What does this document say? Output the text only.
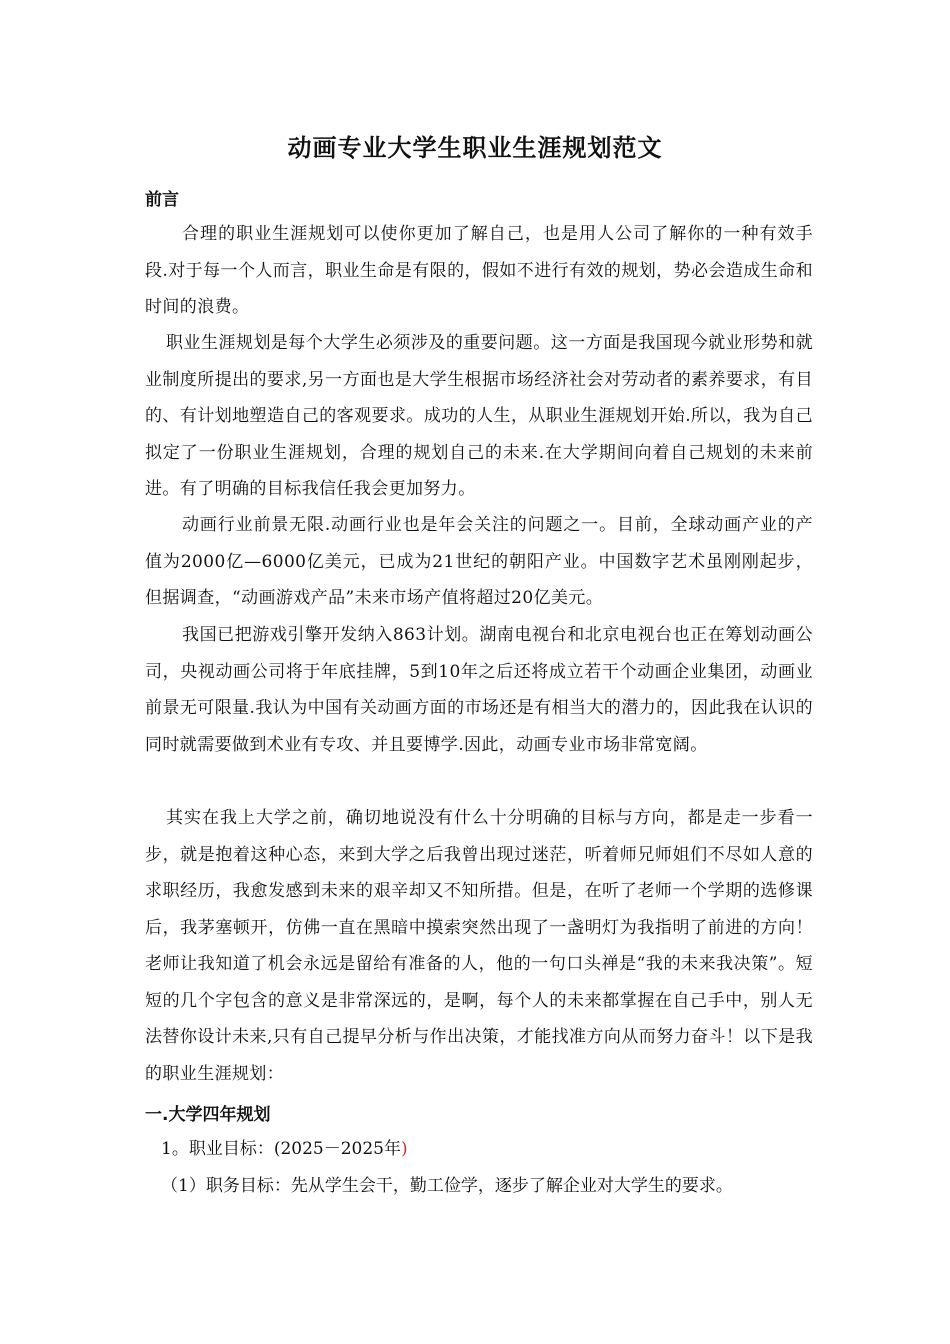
动画专业大学生职业生涯规划范文
前言

合理的职业生涯规划可以使你更加了解自己，也是用人公司了解你的一种有效手段.对于每一个人而言，职业生命是有限的，假如不进行有效的规划，势必会造成生命和时间的浪费。

职业生涯规划是每个大学生必须涉及的重要问题。这一方面是我国现今就业形势和就业制度所提出的要求,另一方面也是大学生根据市场经济社会对劳动者的素养要求，有目的、有计划地塑造自己的客观要求。成功的人生，从职业生涯规划开始.所以，我为自己拟定了一份职业生涯规划，合理的规划自己的未来.在大学期间向着自己规划的未来前进。有了明确的目标我信任我会更加努力。

动画行业前景无限.动画行业也是年会关注的问题之一。目前，全球动画产业的产值为2000亿—6000亿美元，已成为21世纪的朝阳产业。中国数字艺术虽刚刚起步，但据调查，“动画游戏产品”未来市场产值将超过20亿美元。

我国已把游戏引擎开发纳入863计划。湖南电视台和北京电视台也正在筹划动画公司，央视动画公司将于年底挂牌，5到10年之后还将成立若干个动画企业集团，动画业前景无可限量.我认为中国有关动画方面的市场还是有相当大的潜力的，因此我在认识的同时就需要做到术业有专攻、并且要博学.因此，动画专业市场非常宽阔。

其实在我上大学之前，确切地说没有什么十分明确的目标与方向，都是走一步看一步，就是抱着这种心态，来到大学之后我曾出现过迷茫，听着师兄师姐们不尽如人意的求职经历，我愈发感到未来的艰辛却又不知所措。但是，在听了老师一个学期的选修课后，我茅塞顿开，仿佛一直在黑暗中摸索突然出现了一盏明灯为我指明了前进的方向！老师让我知道了机会永远是留给有准备的人，他的一句口头禅是“我的未来我决策”。短短的几个字包含的意义是非常深远的，是啊，每个人的未来都掌握在自己手中，别人无法替你设计未来,只有自己提早分析与作出决策，才能找准方向从而努力奋斗！以下是我的职业生涯规划：

一.大学四年规划

1。职业目标：(2025－2025年)

（1）职务目标：先从学生会干，勤工俭学，逐步了解企业对大学生的要求。
